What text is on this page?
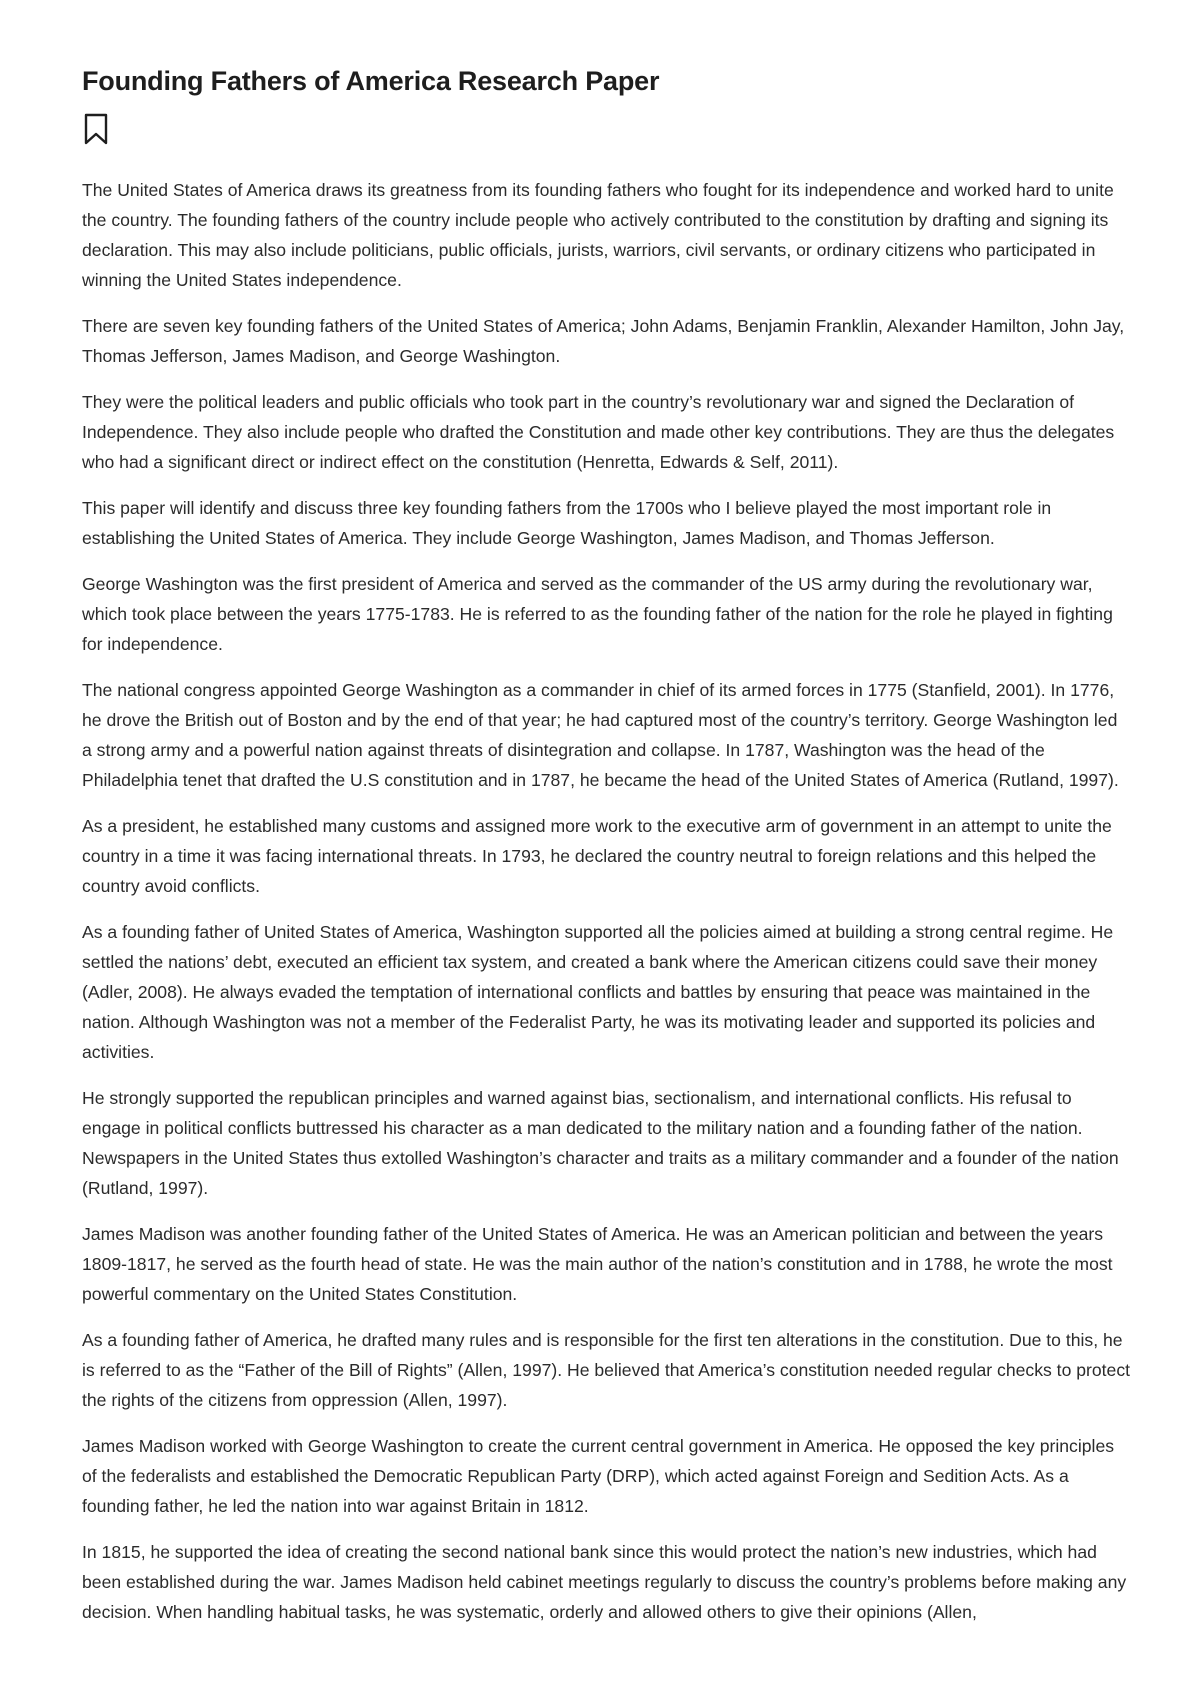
Founding Fathers of America Research Paper

The United States of America draws its greatness from its founding fathers who fought for its independence and worked hard to unite the country. The founding fathers of the country include people who actively contributed to the constitution by drafting and signing its declaration. This may also include politicians, public officials, jurists, warriors, civil servants, or ordinary citizens who participated in winning the United States independence.

There are seven key founding fathers of the United States of America; John Adams, Benjamin Franklin, Alexander Hamilton, John Jay, Thomas Jefferson, James Madison, and George Washington.

They were the political leaders and public officials who took part in the country’s revolutionary war and signed the Declaration of Independence. They also include people who drafted the Constitution and made other key contributions. They are thus the delegates who had a significant direct or indirect effect on the constitution (Henretta, Edwards & Self, 2011).

This paper will identify and discuss three key founding fathers from the 1700s who I believe played the most important role in establishing the United States of America. They include George Washington, James Madison, and Thomas Jefferson.

George Washington was the first president of America and served as the commander of the US army during the revolutionary war, which took place between the years 1775-1783. He is referred to as the founding father of the nation for the role he played in fighting for independence.

The national congress appointed George Washington as a commander in chief of its armed forces in 1775 (Stanfield, 2001). In 1776, he drove the British out of Boston and by the end of that year; he had captured most of the country’s territory. George Washington led a strong army and a powerful nation against threats of disintegration and collapse. In 1787, Washington was the head of the Philadelphia tenet that drafted the U.S constitution and in 1787, he became the head of the United States of America (Rutland, 1997).

As a president, he established many customs and assigned more work to the executive arm of government in an attempt to unite the country in a time it was facing international threats. In 1793, he declared the country neutral to foreign relations and this helped the country avoid conflicts.

As a founding father of United States of America, Washington supported all the policies aimed at building a strong central regime. He settled the nations’ debt, executed an efficient tax system, and created a bank where the American citizens could save their money (Adler, 2008). He always evaded the temptation of international conflicts and battles by ensuring that peace was maintained in the nation. Although Washington was not a member of the Federalist Party, he was its motivating leader and supported its policies and activities.

He strongly supported the republican principles and warned against bias, sectionalism, and international conflicts. His refusal to engage in political conflicts buttressed his character as a man dedicated to the military nation and a founding father of the nation. Newspapers in the United States thus extolled Washington’s character and traits as a military commander and a founder of the nation (Rutland, 1997).

James Madison was another founding father of the United States of America. He was an American politician and between the years 1809-1817, he served as the fourth head of state. He was the main author of the nation’s constitution and in 1788, he wrote the most powerful commentary on the United States Constitution.

As a founding father of America, he drafted many rules and is responsible for the first ten alterations in the constitution. Due to this, he is referred to as the “Father of the Bill of Rights” (Allen, 1997). He believed that America’s constitution needed regular checks to protect the rights of the citizens from oppression (Allen, 1997).

James Madison worked with George Washington to create the current central government in America. He opposed the key principles of the federalists and established the Democratic Republican Party (DRP), which acted against Foreign and Sedition Acts. As a founding father, he led the nation into war against Britain in 1812.

In 1815, he supported the idea of creating the second national bank since this would protect the nation’s new industries, which had been established during the war. James Madison held cabinet meetings regularly to discuss the country’s problems before making any decision. When handling habitual tasks, he was systematic, orderly and allowed others to give their opinions (Allen,
